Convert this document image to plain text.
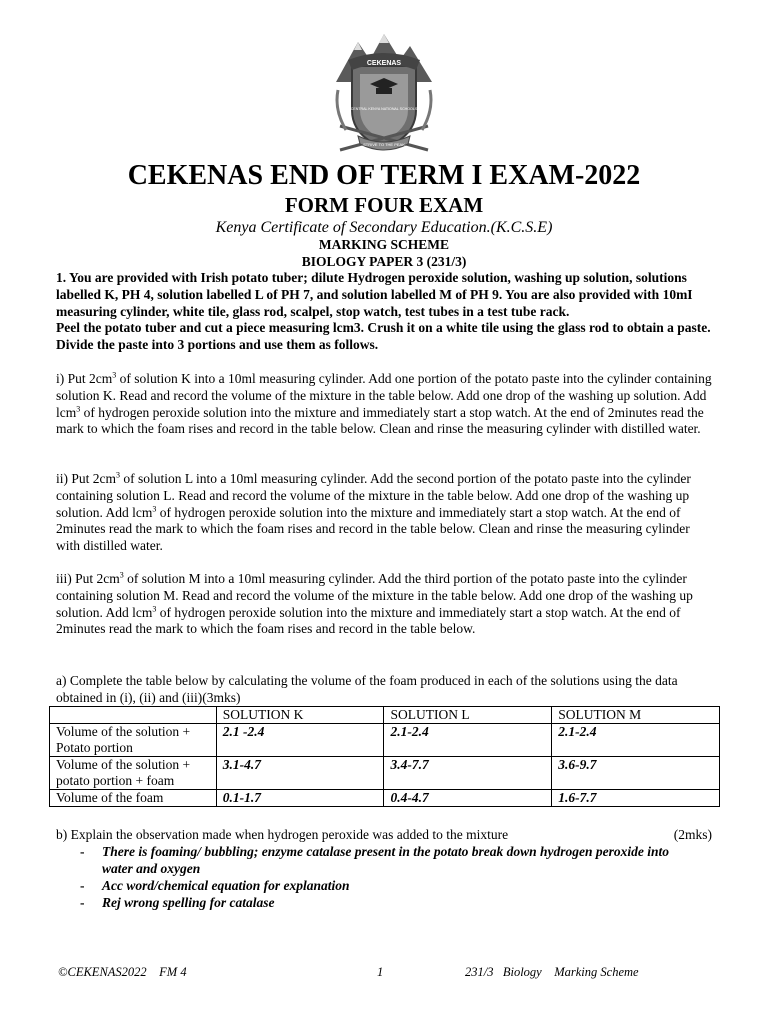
CEKENAS
CENTRAL KENYA NATIONAL SCHOOLS
STRIVE TO THE PEAK
CEKENAS END OF TERM I EXAM-2022
FORM FOUR EXAM
Kenya Certificate of Secondary Education.(K.C.S.E)
MARKING SCHEME
BIOLOGY PAPER 3 (231/3)
1. You are provided with Irish potato tuber; dilute Hydrogen peroxide solution, washing up solution, solutions labelled K, PH 4, solution labelled L of PH 7, and solution labelled M of PH 9. You are also provided with 10mI measuring cylinder, white tile, glass rod, scalpel, stop watch, test tubes in a test tube rack.
Peel the potato tuber and cut a piece measuring lcm3. Crush it on a white tile using the glass rod to obtain a paste. Divide the paste into 3 portions and use them as follows.
i) Put $2cm^3$ of solution K into a 10ml measuring cylinder. Add one portion of the potato paste into the cylinder containing solution K. Read and record the volume of the mixture in the table below. Add one drop of the washing up solution. Add lcm$^3$ of hydrogen peroxide solution into the mixture and immediately start a stop watch. At the end of 2minutes read the mark to which the foam rises and record in the table below. Clean and rinse the measuring cylinder with distilled water.
ii) Put $2cm^3$ of solution L into a 10ml measuring cylinder. Add the second portion of the potato paste into the cylinder containing solution L. Read and record the volume of the mixture in the table below. Add one drop of the washing up solution. Add lcm$^3$ of hydrogen peroxide solution into the mixture and immediately start a stop watch. At the end of 2minutes read the mark to which the foam rises and record in the table below. Clean and rinse the measuring cylinder with distilled water.
iii) Put $2cm^3$ of solution M into a 10ml measuring cylinder. Add the third portion of the potato paste into the cylinder containing solution M. Read and record the volume of the mixture in the table below. Add one drop of the washing up solution. Add lcm$^3$ of hydrogen peroxide solution into the mixture and immediately start a stop watch. At the end of 2minutes read the mark to which the foam rises and record in the table below.
a) Complete the table below by calculating the volume of the foam produced in each of the solutions using the data obtained in (i), (ii) and (iii)(3mks)
	SOLUTION K	SOLUTION L	SOLUTION M
Volume of the solution + Potato portion	2.1 -2.4	2.1-2.4	2.1-2.4
Volume of the solution + potato portion + foam	3.1-4.7	3.4-7.7	3.6-9.7
Volume of the foam	0.1-1.7	0.4-4.7	1.6-7.7
b) Explain the observation made when hydrogen peroxide was added to the mixture	(2mks)
- There is foaming/ bubbling; enzyme catalase present in the potato break down hydrogen peroxide into water and oxygen
- Acc word/chemical equation for explanation
- Rej wrong spelling for catalase
©CEKENAS2022    FM 4	1	231/3   Biology    Marking Scheme
